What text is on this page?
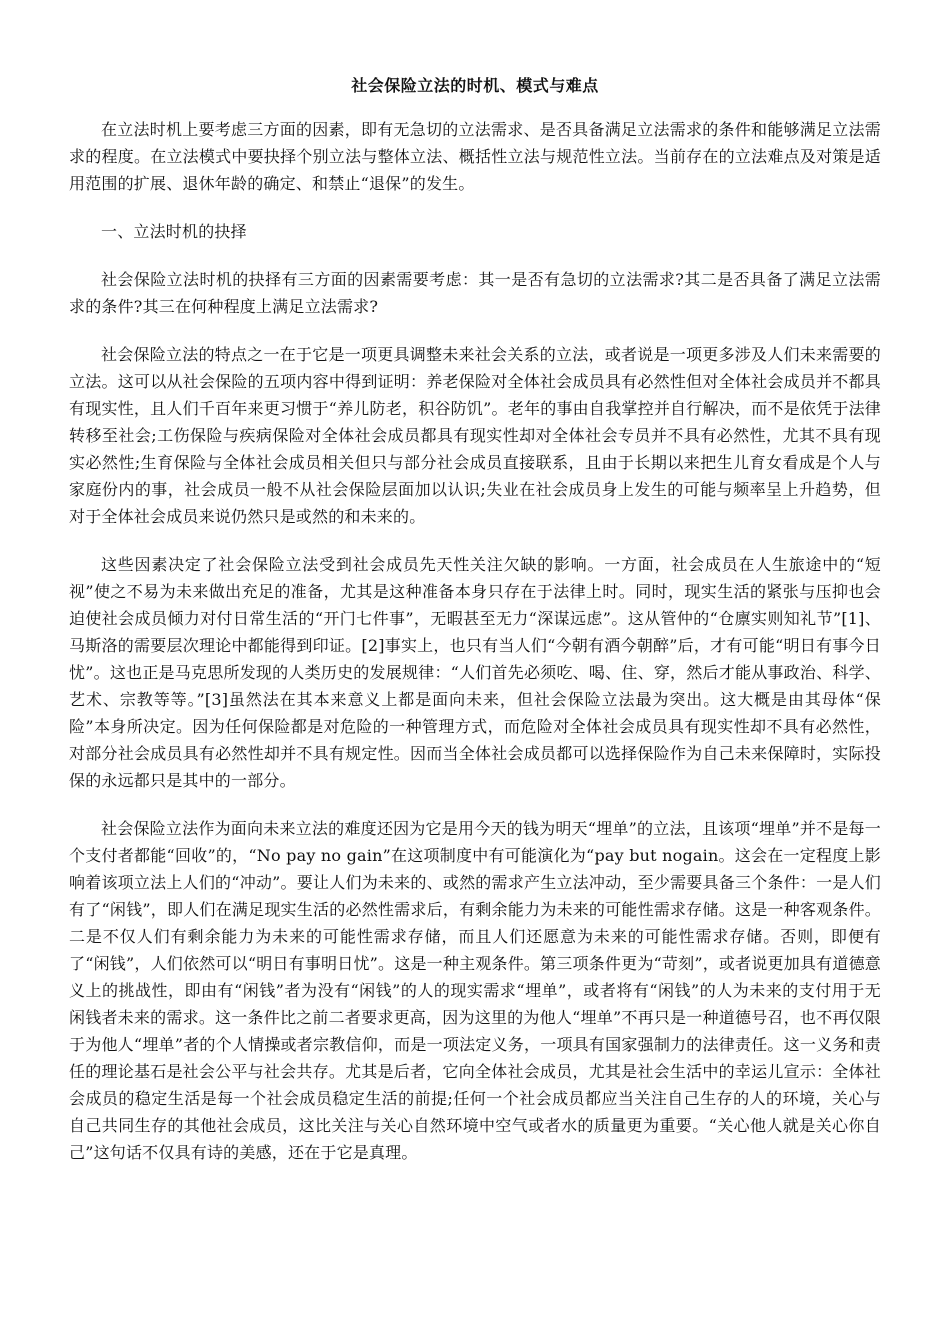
社会保险立法的时机、模式与难点

在立法时机上要考虑三方面的因素，即有无急切的立法需求、是否具备满足立法需求的条件和能够满足立法需求的程度。在立法模式中要抉择个别立法与整体立法、概括性立法与规范性立法。当前存在的立法难点及对策是适用范围的扩展、退休年龄的确定、和禁止“退保”的发生。

一、立法时机的抉择

社会保险立法时机的抉择有三方面的因素需要考虑：其一是否有急切的立法需求?其二是否具备了满足立法需求的条件?其三在何种程度上满足立法需求?

社会保险立法的特点之一在于它是一项更具调整未来社会关系的立法，或者说是一项更多涉及人们未来需要的立法。这可以从社会保险的五项内容中得到证明：养老保险对全体社会成员具有必然性但对全体社会成员并不都具有现实性，且人们千百年来更习惯于“养儿防老，积谷防饥”。老年的事由自我掌控并自行解决，而不是依凭于法律转移至社会;工伤保险与疾病保险对全体社会成员都具有现实性却对全体社会专员并不具有必然性，尤其不具有现实必然性;生育保险与全体社会成员相关但只与部分社会成员直接联系，且由于长期以来把生儿育女看成是个人与家庭份内的事，社会成员一般不从社会保险层面加以认识;失业在社会成员身上发生的可能与频率呈上升趋势，但对于全体社会成员来说仍然只是或然的和未来的。

这些因素决定了社会保险立法受到社会成员先天性关注欠缺的影响。一方面，社会成员在人生旅途中的“短视”使之不易为未来做出充足的准备，尤其是这种准备本身只存在于法律上时。同时，现实生活的紧张与压抑也会迫使社会成员倾力对付日常生活的“开门七件事”，无暇甚至无力“深谋远虑”。这从管仲的“仓廪实则知礼节”[1]、马斯洛的需要层次理论中都能得到印证。[2]事实上，也只有当人们“今朝有酒今朝醉”后，才有可能“明日有事今日忧”。这也正是马克思所发现的人类历史的发展规律：“人们首先必须吃、喝、住、穿，然后才能从事政治、科学、艺术、宗教等等。”[3]虽然法在其本来意义上都是面向未来，但社会保险立法最为突出。这大概是由其母体“保险”本身所决定。因为任何保险都是对危险的一种管理方式，而危险对全体社会成员具有现实性却不具有必然性，对部分社会成员具有必然性却并不具有规定性。因而当全体社会成员都可以选择保险作为自己未来保障时，实际投保的永远都只是其中的一部分。

社会保险立法作为面向未来立法的难度还因为它是用今天的钱为明天“埋单”的立法，且该项“埋单”并不是每一个支付者都能“回收”的，“No pay no gain”在这项制度中有可能演化为“pay but nogain。这会在一定程度上影响着该项立法上人们的“冲动”。要让人们为未来的、或然的需求产生立法冲动，至少需要具备三个条件：一是人们有了“闲钱”，即人们在满足现实生活的必然性需求后，有剩余能力为未来的可能性需求存储。这是一种客观条件。二是不仅人们有剩余能力为未来的可能性需求存储，而且人们还愿意为未来的可能性需求存储。否则，即便有了“闲钱”，人们依然可以“明日有事明日忧”。这是一种主观条件。第三项条件更为“苛刻”，或者说更加具有道德意义上的挑战性，即由有“闲钱”者为没有“闲钱”的人的现实需求“埋单”，或者将有“闲钱”的人为未来的支付用于无闲钱者未来的需求。这一条件比之前二者要求更高，因为这里的为他人“埋单”不再只是一种道德号召，也不再仅限于为他人“埋单”者的个人情操或者宗教信仰，而是一项法定义务，一项具有国家强制力的法律责任。这一义务和责任的理论基石是社会公平与社会共存。尤其是后者，它向全体社会成员，尤其是社会生活中的幸运儿宣示：全体社会成员的稳定生活是每一个社会成员稳定生活的前提;任何一个社会成员都应当关注自己生存的人的环境，关心与自己共同生存的其他社会成员，这比关注与关心自然环境中空气或者水的质量更为重要。“关心他人就是关心你自己”这句话不仅具有诗的美感，还在于它是真理。
